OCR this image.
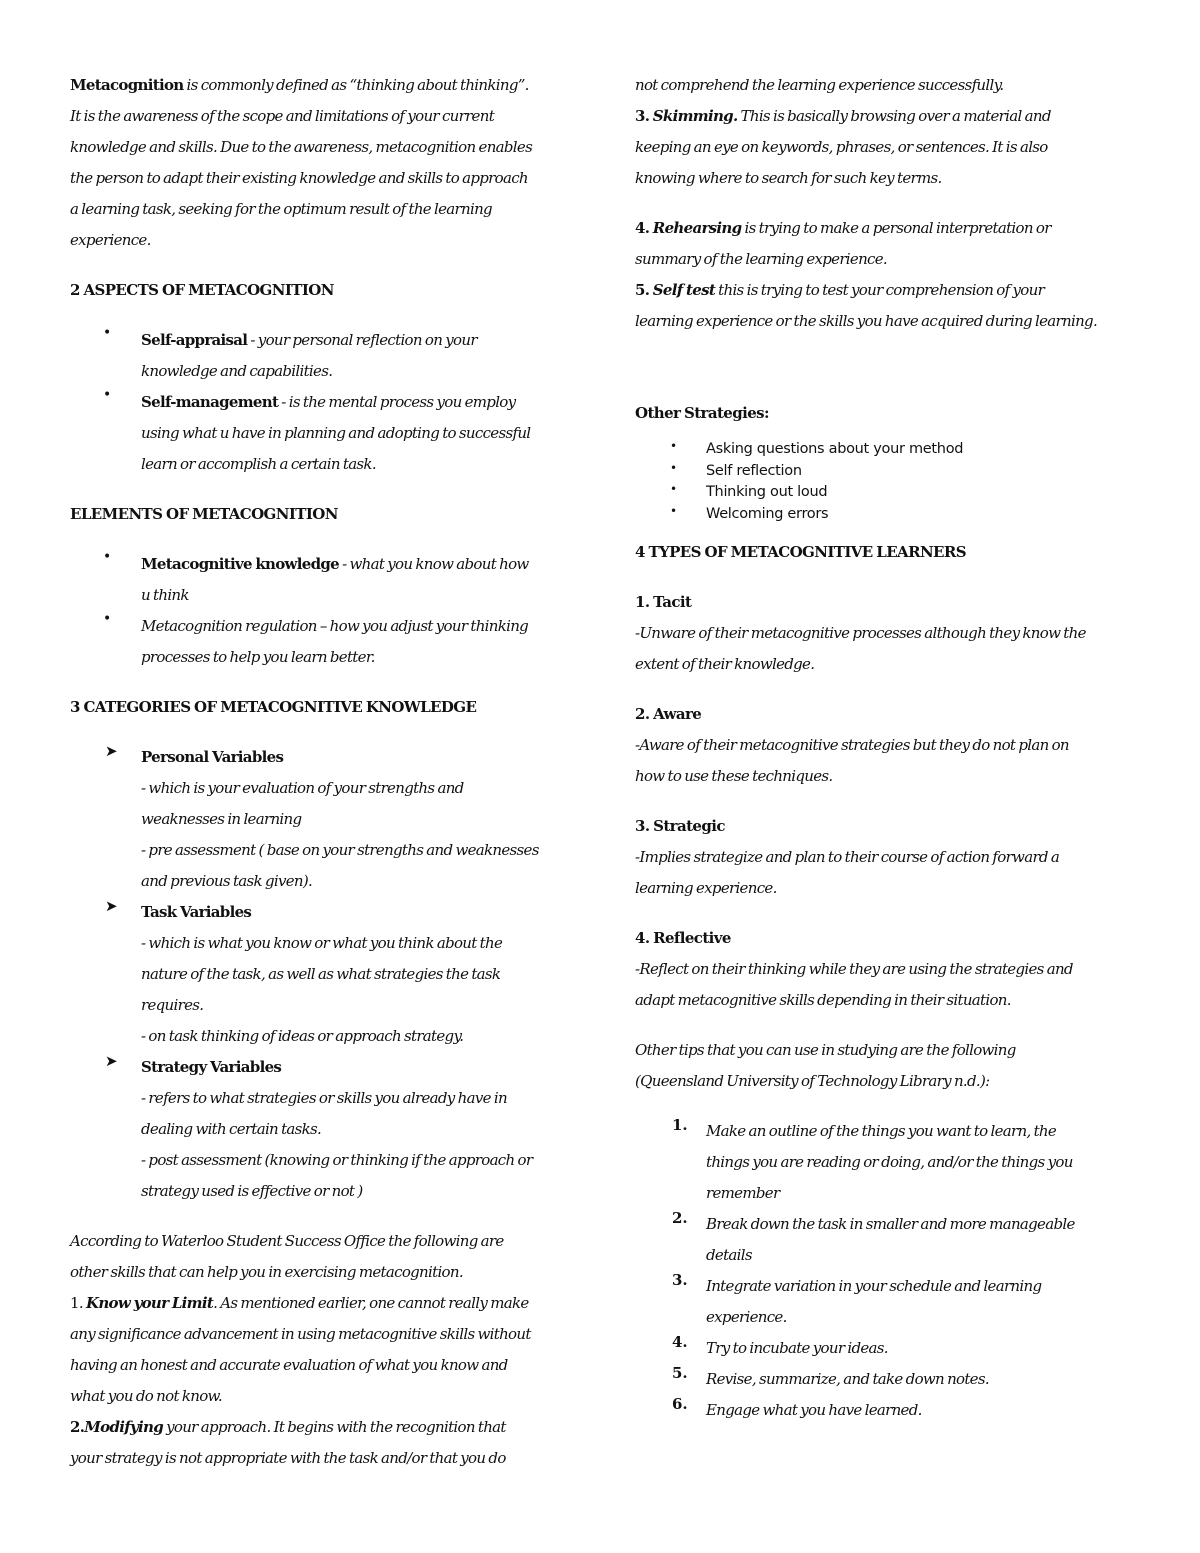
Metacognition is commonly defined as “thinking about thinking”.
It is the awareness of the scope and limitations of your current
knowledge and skills. Due to the awareness, metacognition enables
the person to adapt their existing knowledge and skills to approach
a learning task, seeking for the optimum result of the learning
experience.
2 ASPECTS OF METACOGNITION
• Self-appraisal - your personal reflection on your
knowledge and capabilities.
• Self-management - is the mental process you employ
using what u have in planning and adopting to successful
learn or accomplish a certain task.
ELEMENTS OF METACOGNITION
• Metacognitive knowledge - what you know about how
u think
• Metacognition regulation – how you adjust your thinking
processes to help you learn better.
3 CATEGORIES OF METACOGNITIVE KNOWLEDGE
➤ Personal Variables
- which is your evaluation of your strengths and
weaknesses in learning
- pre assessment ( base on your strengths and weaknesses
and previous task given).
➤ Task Variables
- which is what you know or what you think about the
nature of the task, as well as what strategies the task
requires.
- on task thinking of ideas or approach strategy.
➤ Strategy Variables
- refers to what strategies or skills you already have in
dealing with certain tasks.
- post assessment (knowing or thinking if the approach or
strategy used is effective or not )
According to Waterloo Student Success Office the following are
other skills that can help you in exercising metacognition.
1. Know your Limit. As mentioned earlier, one cannot really make
any significance advancement in using metacognitive skills without
having an honest and accurate evaluation of what you know and
what you do not know.
2.Modifying your approach. It begins with the recognition that
your strategy is not appropriate with the task and/or that you do
not comprehend the learning experience successfully.
3. Skimming. This is basically browsing over a material and
keeping an eye on keywords, phrases, or sentences. It is also
knowing where to search for such key terms.
4. Rehearsing is trying to make a personal interpretation or
summary of the learning experience.
5. Self test this is trying to test your comprehension of your
learning experience or the skills you have acquired during learning.
Other Strategies:
• Asking questions about your method
• Self reflection
• Thinking out loud
• Welcoming errors
4 TYPES OF METACOGNITIVE LEARNERS
1. Tacit
-Unware of their metacognitive processes although they know the
extent of their knowledge.
2. Aware
-Aware of their metacognitive strategies but they do not plan on
how to use these techniques.
3. Strategic
-Implies strategize and plan to their course of action forward a
learning experience.
4. Reflective
-Reflect on their thinking while they are using the strategies and
adapt metacognitive skills depending in their situation.
Other tips that you can use in studying are the following
(Queensland University of Technology Library n.d.):
1. Make an outline of the things you want to learn, the
things you are reading or doing, and/or the things you
remember
2. Break down the task in smaller and more manageable
details
3. Integrate variation in your schedule and learning
experience.
4. Try to incubate your ideas.
5. Revise, summarize, and take down notes.
6. Engage what you have learned.
